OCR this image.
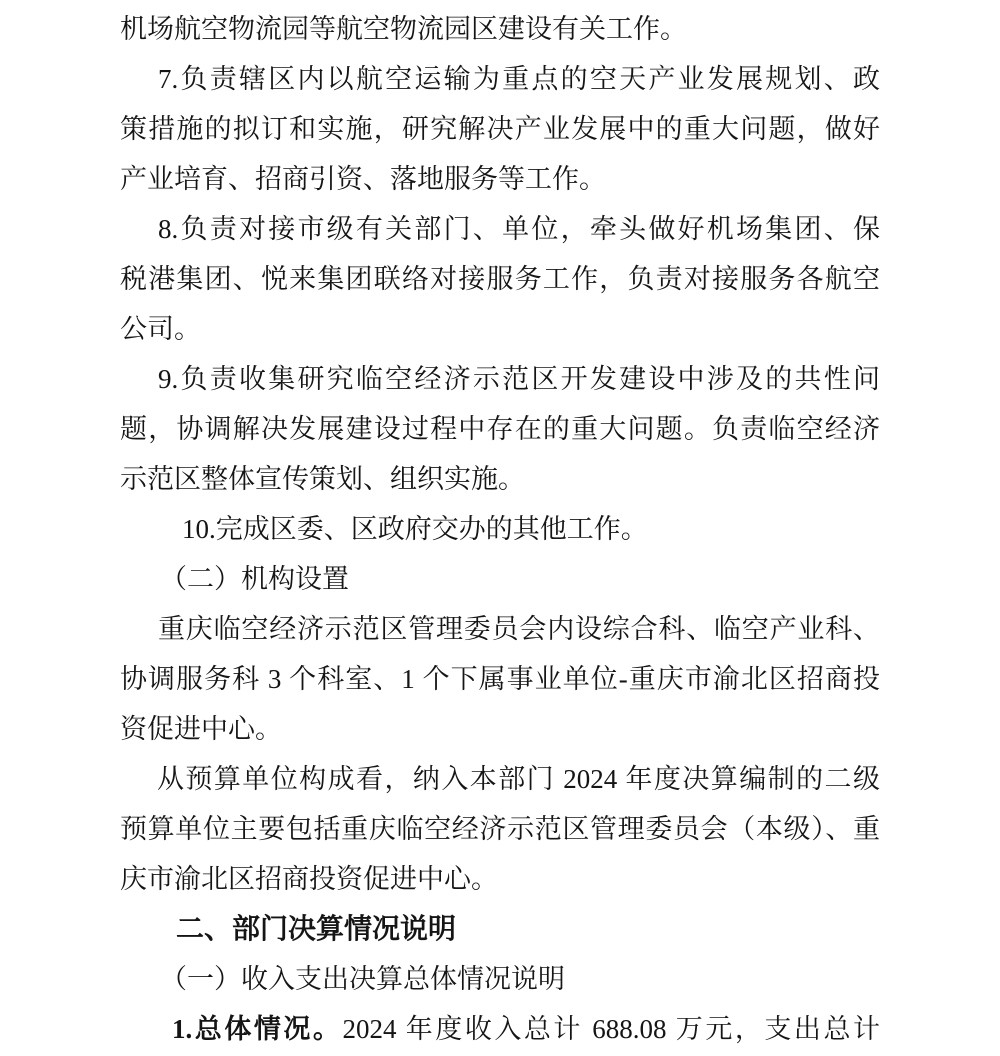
机场航空物流园等航空物流园区建设有关工作。
7.负责辖区内以航空运输为重点的空天产业发展规划、政
策措施的拟订和实施，研究解决产业发展中的重大问题，做好
产业培育、招商引资、落地服务等工作。
8.负责对接市级有关部门、单位，牵头做好机场集团、保
税港集团、悦来集团联络对接服务工作，负责对接服务各航空
公司。
9.负责收集研究临空经济示范区开发建设中涉及的共性问
题，协调解决发展建设过程中存在的重大问题。负责临空经济
示范区整体宣传策划、组织实施。
10.完成区委、区政府交办的其他工作。
（二）机构设置
重庆临空经济示范区管理委员会内设综合科、临空产业科、
协调服务科 3 个科室、1 个下属事业单位-重庆市渝北区招商投
资促进中心。
从预算单位构成看，纳入本部门 2024 年度决算编制的二级
预算单位主要包括重庆临空经济示范区管理委员会（本级）、重
庆市渝北区招商投资促进中心。
二、部门决算情况说明
（一）收入支出决算总体情况说明
1.总体情况。2024 年度收入总计 688.08 万元，支出总计
